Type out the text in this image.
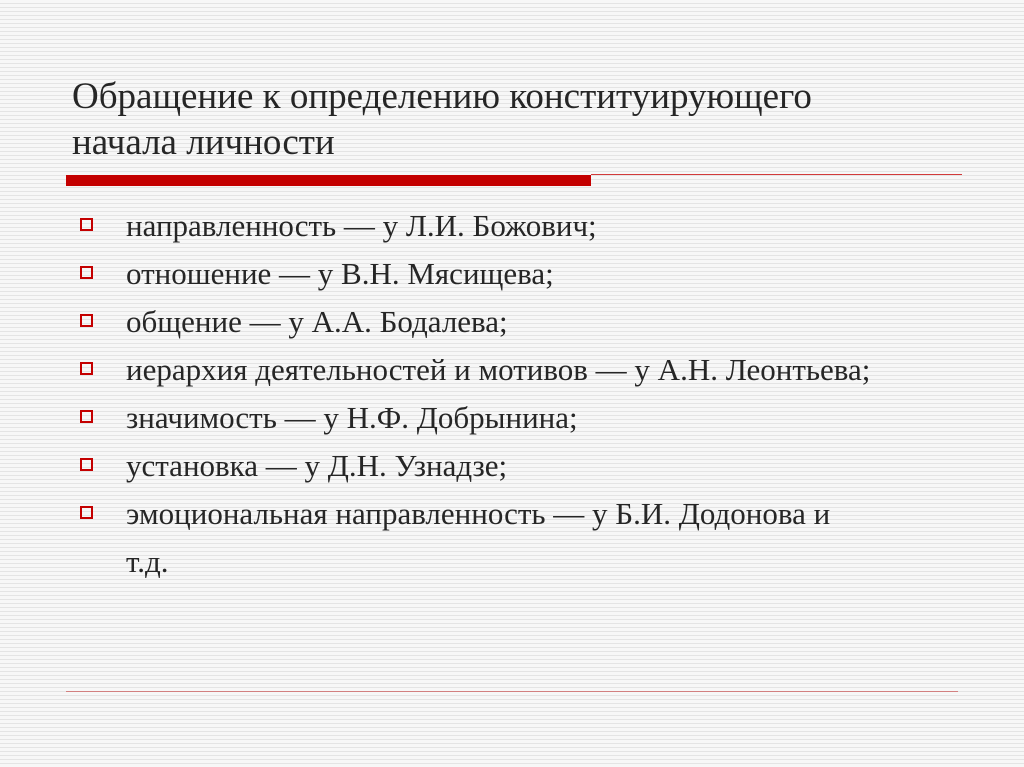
Обращение к определению конституирующего
начала личности
направленность — у Л.И. Божович;
отношение — у В.Н. Мясищева;
общение — у А.А. Бодалева;
иерархия деятельностей и мотивов — у А.Н. Леонтьева;
значимость — у Н.Ф. Добрынина;
установка — у Д.Н. Узнадзе;
эмоциональная направленность — у Б.И. Додонова и
т.д.
